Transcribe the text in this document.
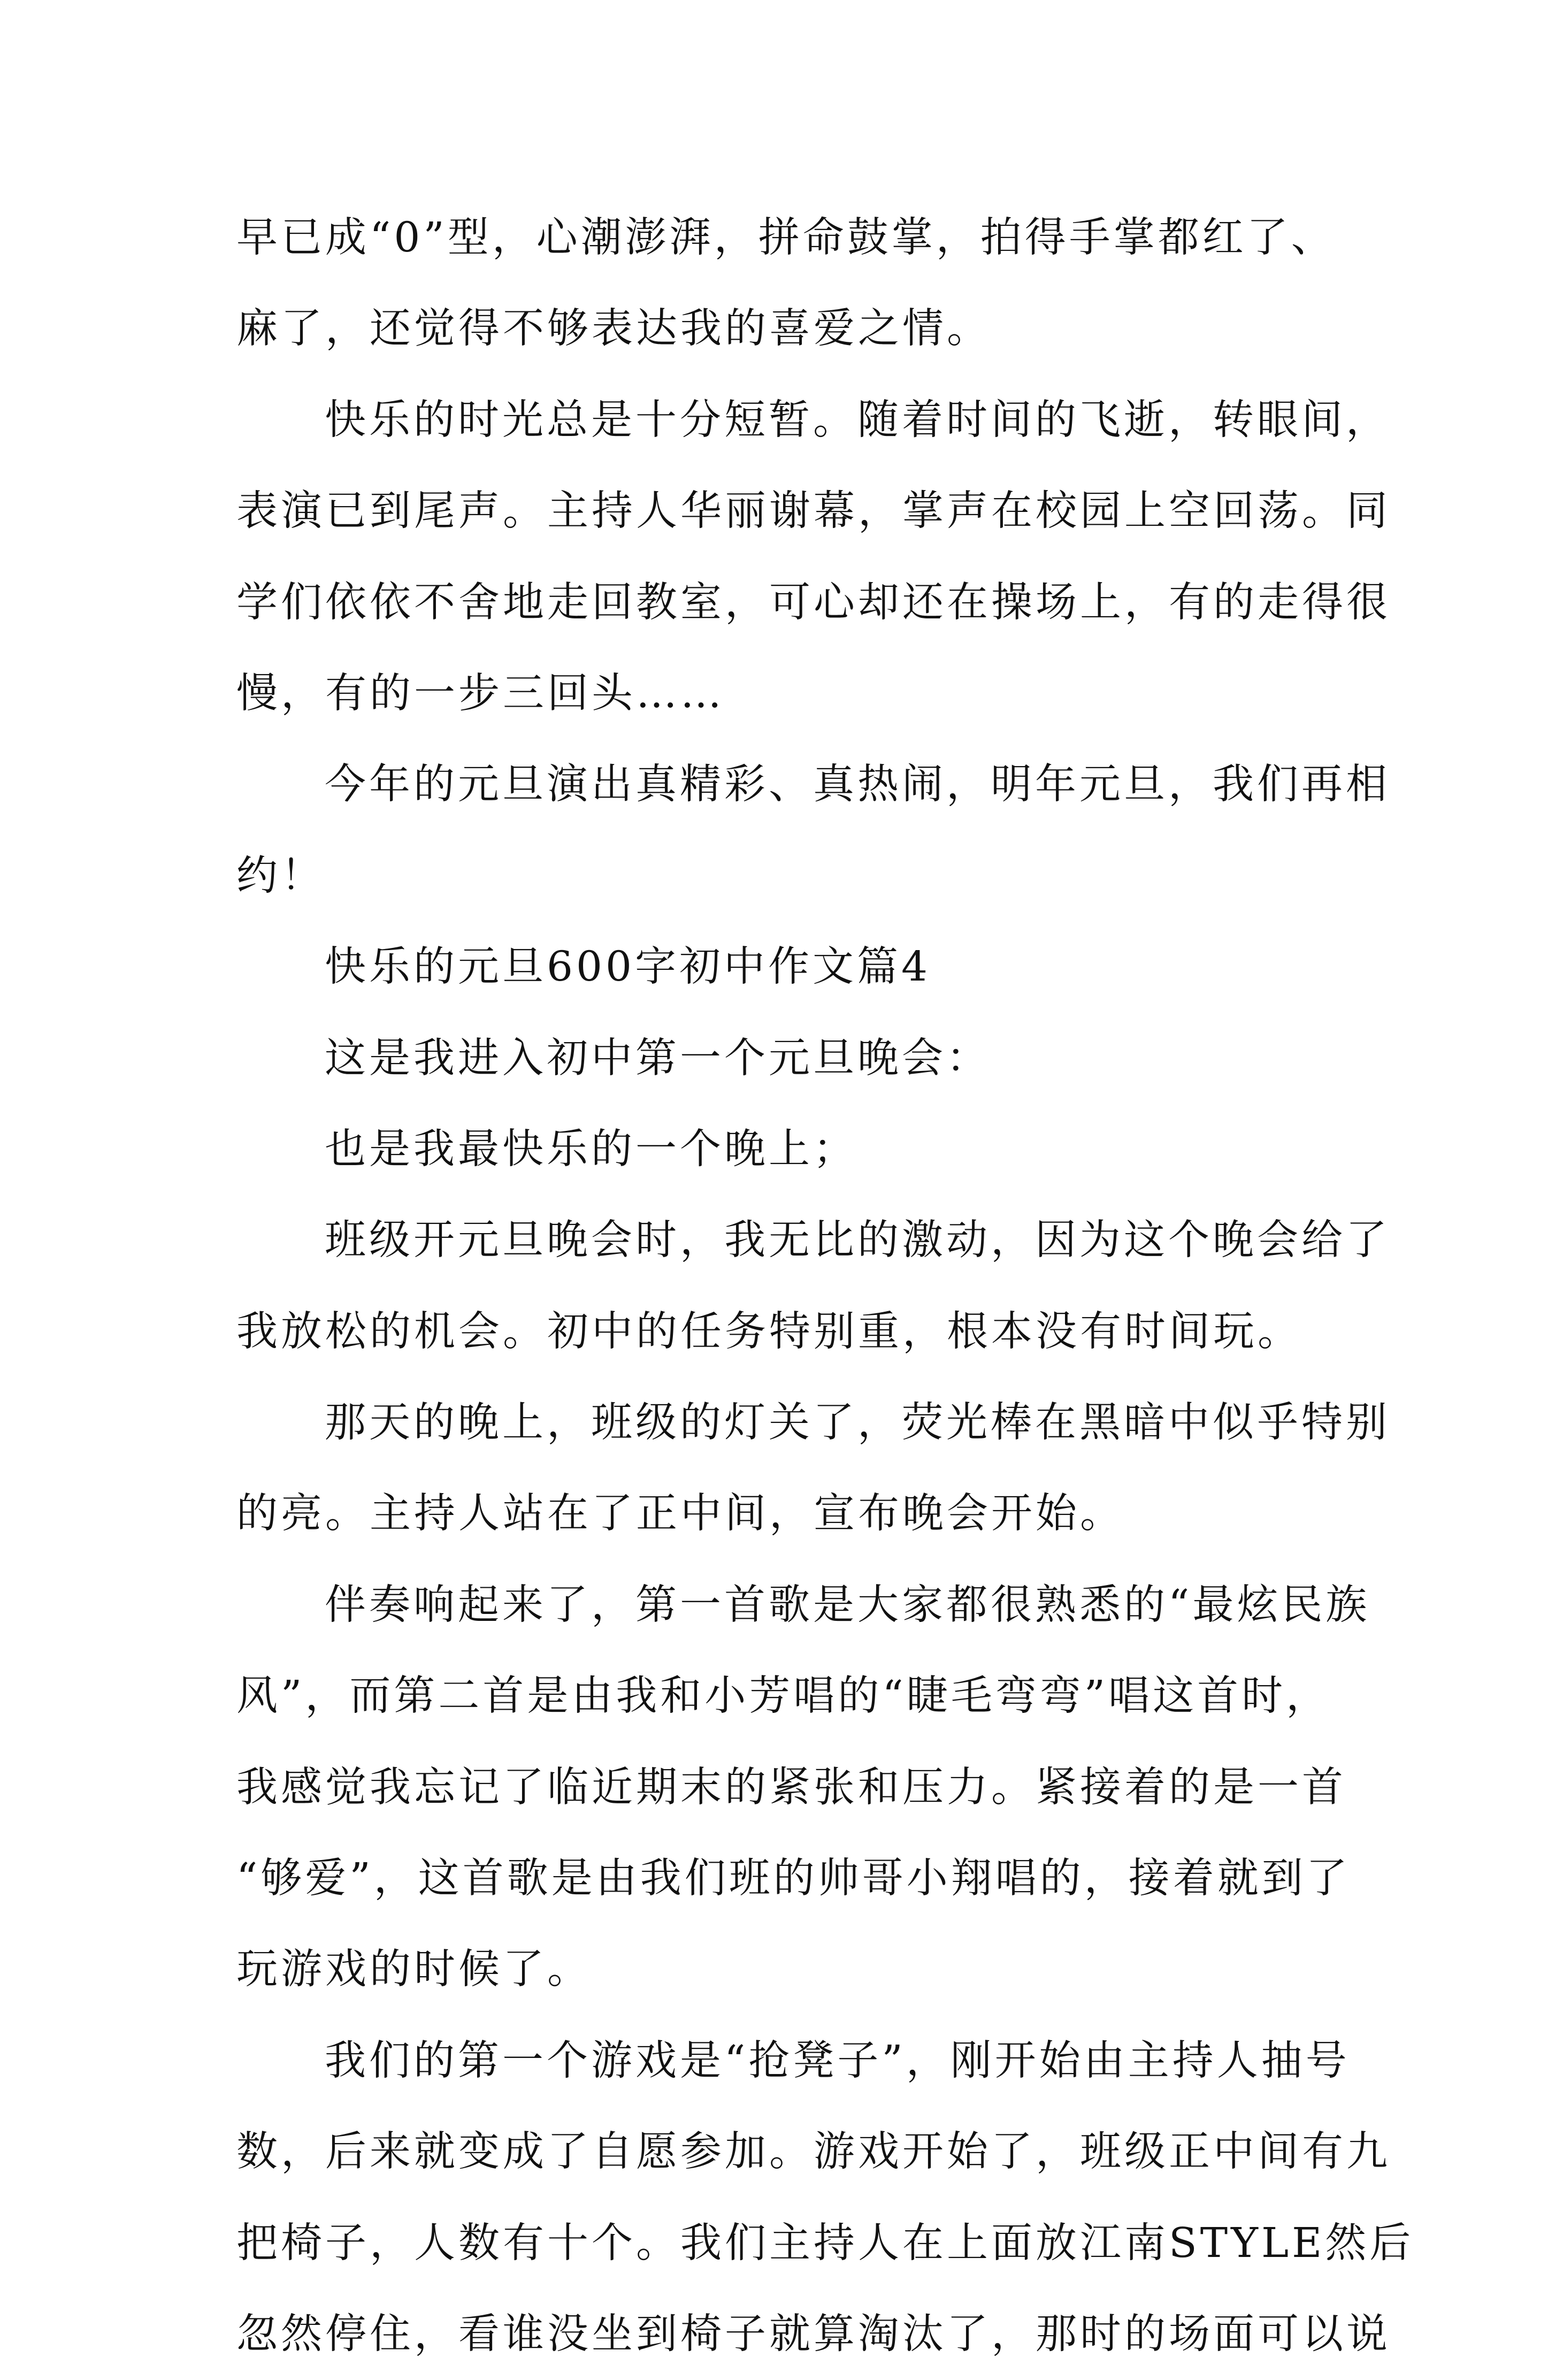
早已成“0”型，心潮澎湃，拼命鼓掌，拍得手掌都红了、
麻了，还觉得不够表达我的喜爱之情。
快乐的时光总是十分短暂。随着时间的飞逝，转眼间，
表演已到尾声。主持人华丽谢幕，掌声在校园上空回荡。同
学们依依不舍地走回教室，可心却还在操场上，有的走得很
慢，有的一步三回头……
今年的元旦演出真精彩、真热闹，明年元旦，我们再相
约！
快乐的元旦600字初中作文篇4
这是我进入初中第一个元旦晚会：
也是我最快乐的一个晚上；
班级开元旦晚会时，我无比的激动，因为这个晚会给了
我放松的机会。初中的任务特别重，根本没有时间玩。
那天的晚上，班级的灯关了，荧光棒在黑暗中似乎特别
的亮。主持人站在了正中间，宣布晚会开始。
伴奏响起来了，第一首歌是大家都很熟悉的“最炫民族
风”，而第二首是由我和小芳唱的“睫毛弯弯”唱这首时，
我感觉我忘记了临近期末的紧张和压力。紧接着的是一首
“够爱”，这首歌是由我们班的帅哥小翔唱的，接着就到了
玩游戏的时候了。
我们的第一个游戏是“抢凳子”，刚开始由主持人抽号
数，后来就变成了自愿参加。游戏开始了，班级正中间有九
把椅子，人数有十个。我们主持人在上面放江南STYLE然后
忽然停住，看谁没坐到椅子就算淘汰了，那时的场面可以说
